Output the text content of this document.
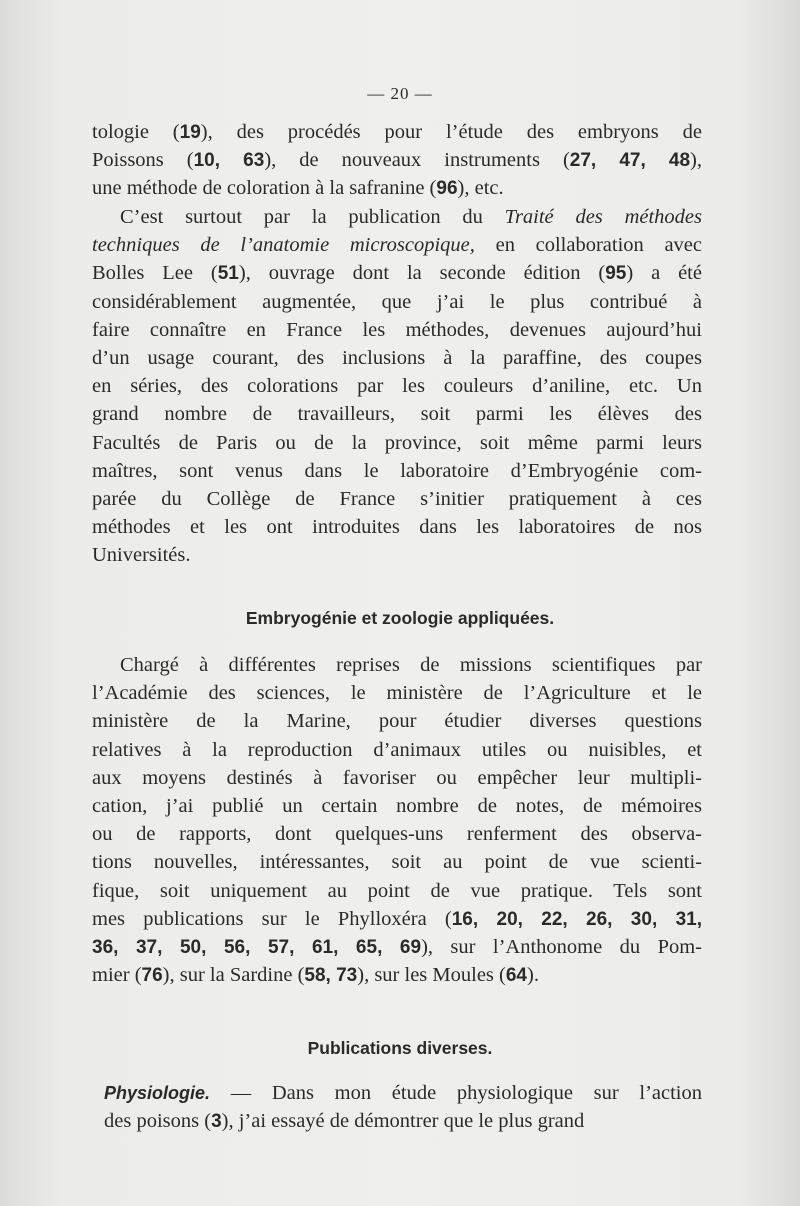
— 20 —
tologie (19), des procédés pour l’étude des embryons de
Poissons (10, 63), de nouveaux instruments (27, 47, 48),
une méthode de coloration à la safranine (96), etc.
C’est surtout par la publication du Traité des méthodes
techniques de l’anatomie microscopique, en collaboration avec
Bolles Lee (51), ouvrage dont la seconde édition (95) a été
considérablement augmentée, que j’ai le plus contribué à
faire connaître en France les méthodes, devenues aujourd’hui
d’un usage courant, des inclusions à la paraffine, des coupes
en séries, des colorations par les couleurs d’aniline, etc. Un
grand nombre de travailleurs, soit parmi les élèves des
Facultés de Paris ou de la province, soit même parmi leurs
maîtres, sont venus dans le laboratoire d’Embryogénie com-
parée du Collège de France s’initier pratiquement à ces
méthodes et les ont introduites dans les laboratoires de nos
Universités.
Embryogénie et zoologie appliquées.
Chargé à différentes reprises de missions scientifiques par
l’Académie des sciences, le ministère de l’Agriculture et le
ministère de la Marine, pour étudier diverses questions
relatives à la reproduction d’animaux utiles ou nuisibles, et
aux moyens destinés à favoriser ou empêcher leur multipli-
cation, j’ai publié un certain nombre de notes, de mémoires
ou de rapports, dont quelques-uns renferment des observa-
tions nouvelles, intéressantes, soit au point de vue scienti-
fique, soit uniquement au point de vue pratique. Tels sont
mes publications sur le Phylloxéra (16, 20, 22, 26, 30, 31,
36, 37, 50, 56, 57, 61, 65, 69), sur l’Anthonome du Pom-
mier (76), sur la Sardine (58, 73), sur les Moules (64).
Publications diverses.
Physiologie. — Dans mon étude physiologique sur l’action
des poisons (3), j’ai essayé de démontrer que le plus grand
